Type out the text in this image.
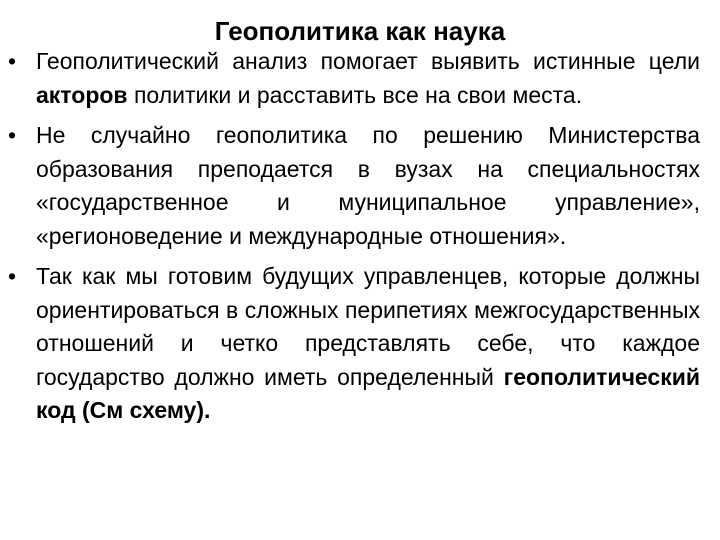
Геополитика как наука
• Геополитический анализ помогает выявить истинные цели акторов политики и расставить все на свои места.
• Не случайно геополитика по решению Министерства образования преподается в вузах на специальностях «государственное и муниципальное управление», «регионоведение и международные отношения».
• Так как мы готовим будущих управленцев, которые должны ориентироваться в сложных перипетиях межгосударственных отношений и четко представлять себе, что каждое государство должно иметь определенный геополитический код (См схему).
